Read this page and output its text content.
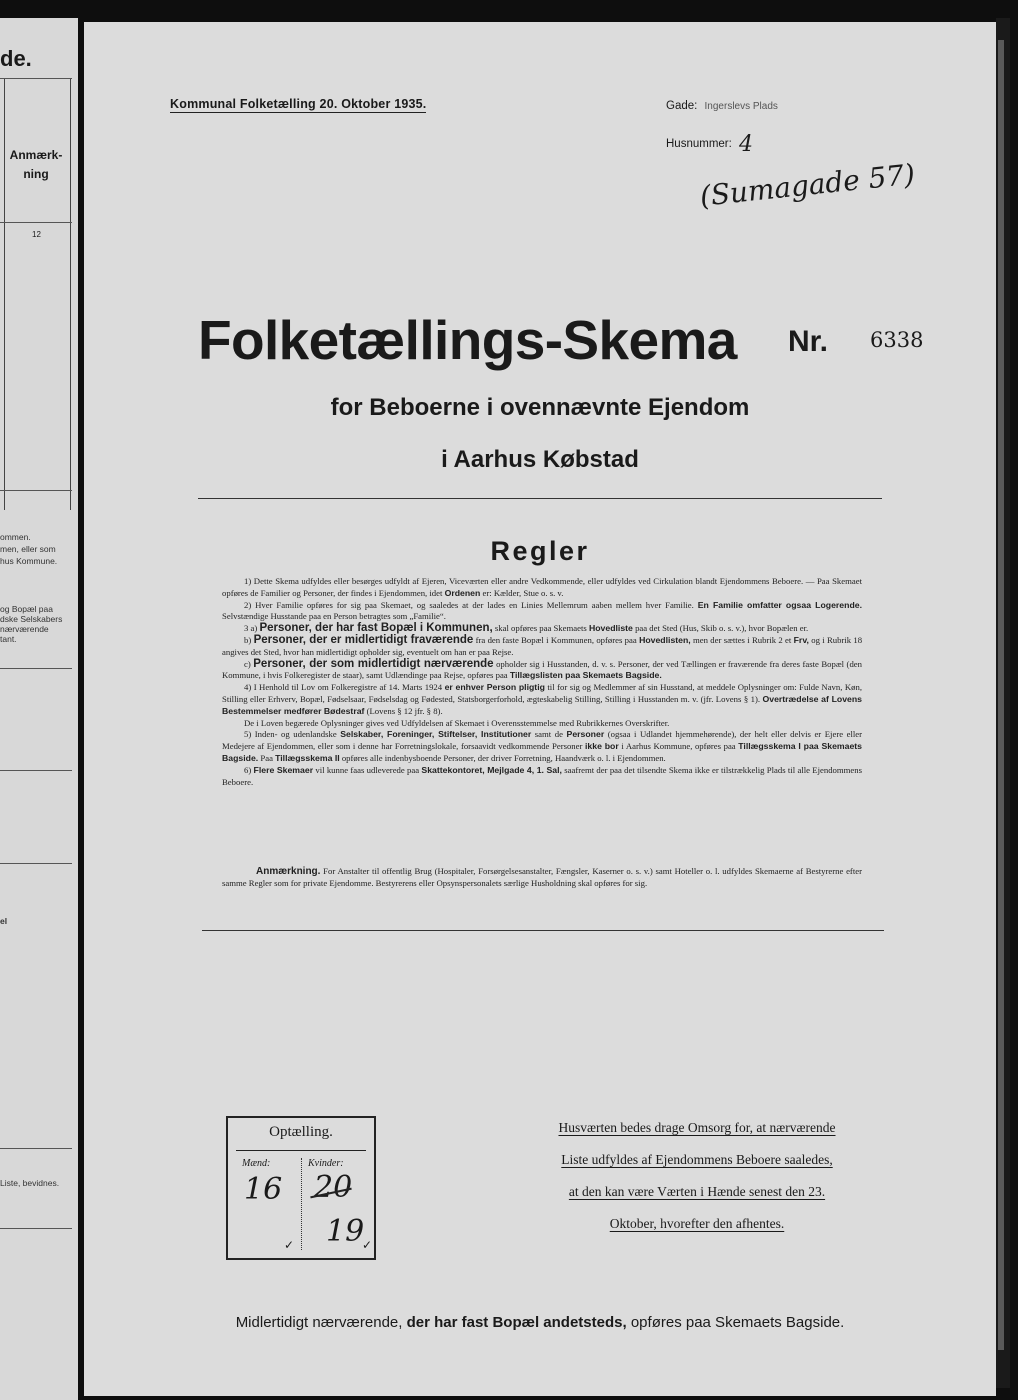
de.
Anmærk-
ning
12
ommen.
men, eller som
hus Kommune.
og Bopæl paa
dske Selskabers
nærværende
tant.
el
Liste, bevidnes.
Kommunal Folketælling 20. Oktober 1935.	Gade: Ingerslevs Plads
Husnummer: 4
(Sumagade 57)
Folketællings-Skema Nr. 6338
for Beboerne i ovennævnte Ejendom
i Aarhus Købstad
Regler

1) Dette Skema udfyldes eller besørges udfyldt af Ejeren, Viceværten eller andre Vedkommende, eller udfyldes ved Cirkulation blandt Ejendommens Beboere. — Paa Skemaet opføres de Familier og Personer, der findes i Ejendommen, idet Ordenen er: Kælder, Stue o. s. v.

2) Hver Familie opføres for sig paa Skemaet, og saaledes at der lades en Linies Mellemrum aaben mellem hver Familie. En Familie omfatter ogsaa Logerende. Selvstændige Husstande paa en Person betragtes som „Familie“.

3 a) Personer, der har fast Bopæl i Kommunen, skal opføres paa Skemaets Hovedliste paa det Sted (Hus, Skib o. s. v.), hvor Bopælen er.

b) Personer, der er midlertidigt fraværende fra den faste Bopæl i Kommunen, opføres paa Hovedlisten, men der sættes i Rubrik 2 et Frv, og i Rubrik 18 angives det Sted, hvor han midlertidigt opholder sig, eventuelt om han er paa Rejse.

c) Personer, der som midlertidigt nærværende opholder sig i Husstanden, d. v. s. Personer, der ved Tællingen er fraværende fra deres faste Bopæl (den Kommune, i hvis Folkeregister de staar), samt Udlændinge paa Rejse, opføres paa Tillægslisten paa Skemaets Bagside.

4) I Henhold til Lov om Folkeregistre af 14. Marts 1924 er enhver Person pligtig til for sig og Medlemmer af sin Husstand, at meddele Oplysninger om: Fulde Navn, Køn, Stilling eller Erhverv, Bopæl, Fødselsaar, Fødselsdag og Fødested, Statsborgerforhold, ægteskabelig Stilling, Stilling i Husstanden m. v. (jfr. Lovens § 1). Overtrædelse af Lovens Bestemmelser medfører Bødestraf (Lovens § 12 jfr. § 8).

De i Loven begærede Oplysninger gives ved Udfyldelsen af Skemaet i Overensstemmelse med Rubrikkernes Overskrifter.

5) Inden- og udenlandske Selskaber, Foreninger, Stiftelser, Institutioner samt de Personer (ogsaa i Udlandet hjemmehørende), der helt eller delvis er Ejere eller Medejere af Ejendommen, eller som i denne har Forretningslokale, forsaavidt vedkommende Personer ikke bor i Aarhus Kommune, opføres paa Tillægsskema I paa Skemaets Bagside. Paa Tillægsskema II opføres alle indenbysboende Personer, der driver Forretning, Haandværk o. l. i Ejendommen.

6) Flere Skemaer vil kunne faas udleverede paa Skattekontoret, Mejlgade 4, 1. Sal, saafremt der paa det tilsendte Skema ikke er tilstrækkelig Plads til alle Ejendommens Beboere.

Anmærkning. For Anstalter til offentlig Brug (Hospitaler, Forsørgelsesanstalter, Fængsler, Kaserner o. s. v.) samt Hoteller o. l. udfyldes Skemaerne af Bestyrerne efter samme Regler som for private Ejendomme. Bestyrerens eller Opsynspersonalets særlige Husholdning skal opføres for sig.

Optælling.
Mænd:	Kvinder:
16 20
19
✓	✓
Husværten bedes drage Omsorg for, at nærværende
Liste udfyldes af Ejendommens Beboere saaledes,
at den kan være Værten i Hænde senest den 23.
Oktober, hvorefter den afhentes.
Midlertidigt nærværende, der har fast Bopæl andetsteds, opføres paa Skemaets Bagside.
